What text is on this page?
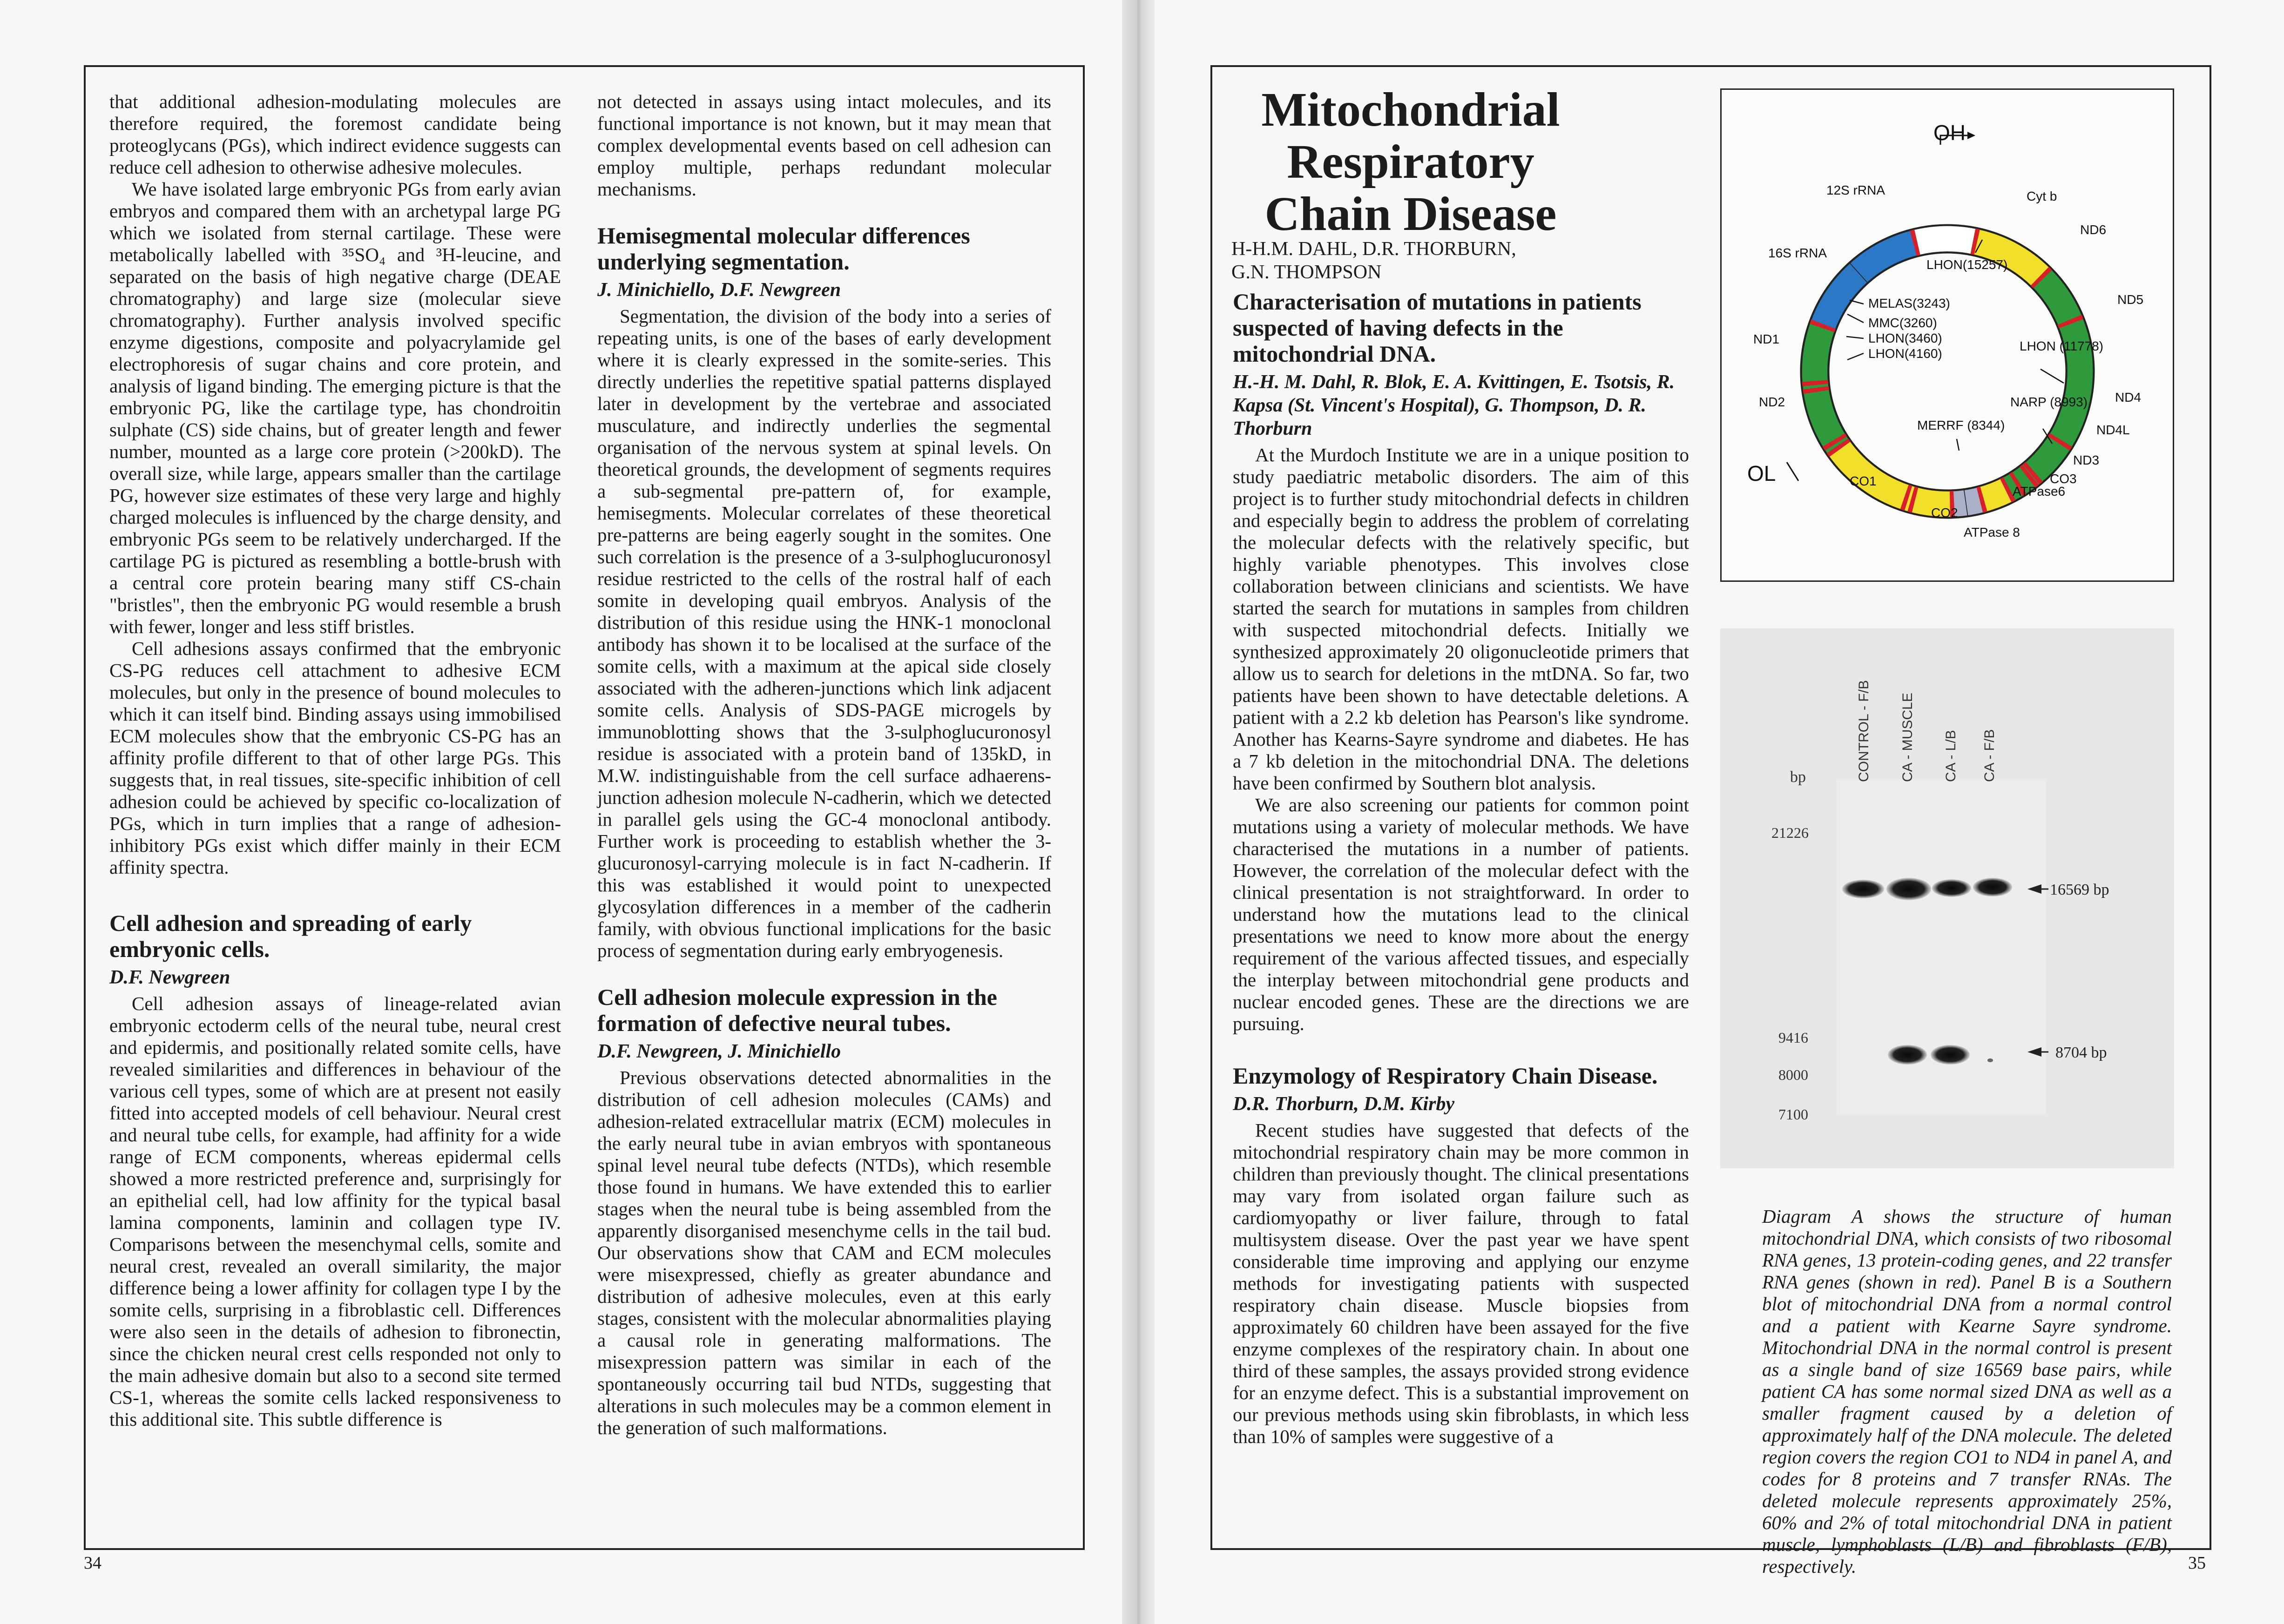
that additional adhesion-modulating molecules are therefore required, the foremost candidate being proteoglycans (PGs), which indirect evidence suggests can reduce cell adhesion to otherwise adhesive molecules.

We have isolated large embryonic PGs from early avian embryos and compared them with an archetypal large PG which we isolated from sternal cartilage. These were metabolically labelled with ³⁵SO₄ and ³H-leucine, and separated on the basis of high negative charge (DEAE chromatography) and large size (molecular sieve chromatography). Further analysis involved specific enzyme digestions, composite and polyacrylamide gel electrophoresis of sugar chains and core protein, and analysis of ligand binding. The emerging picture is that the embryonic PG, like the cartilage type, has chondroitin sulphate (CS) side chains, but of greater length and fewer number, mounted as a large core protein (>200kD). The overall size, while large, appears smaller than the cartilage PG, however size estimates of these very large and highly charged molecules is influenced by the charge density, and embryonic PGs seem to be relatively undercharged. If the cartilage PG is pictured as resembling a bottle-brush with a central core protein bearing many stiff CS-chain "bristles", then the embryonic PG would resemble a brush with fewer, longer and less stiff bristles.

Cell adhesions assays confirmed that the embryonic CS-PG reduces cell attachment to adhesive ECM molecules, but only in the presence of bound molecules to which it can itself bind. Binding assays using immobilised ECM molecules show that the embryonic CS-PG has an affinity profile different to that of other large PGs. This suggests that, in real tissues, site-specific inhibition of cell adhesion could be achieved by specific co-localization of PGs, which in turn implies that a range of adhesion-inhibitory PGs exist which differ mainly in their ECM affinity spectra.

Cell adhesion and spreading of early embryonic cells.
D.F. Newgreen

Cell adhesion assays of lineage-related avian embryonic ectoderm cells of the neural tube, neural crest and epidermis, and positionally related somite cells, have revealed similarities and differences in behaviour of the various cell types, some of which are at present not easily fitted into accepted models of cell behaviour. Neural crest and neural tube cells, for example, had affinity for a wide range of ECM components, whereas epidermal cells showed a more restricted preference and, surprisingly for an epithelial cell, had low affinity for the typical basal lamina components, laminin and collagen type IV. Comparisons between the mesenchymal cells, somite and neural crest, revealed an overall similarity, the major difference being a lower affinity for collagen type I by the somite cells, surprising in a fibroblastic cell. Differences were also seen in the details of adhesion to fibronectin, since the chicken neural crest cells responded not only to the main adhesive domain but also to a second site termed CS-1, whereas the somite cells lacked responsiveness to this additional site. This subtle difference is

not detected in assays using intact molecules, and its functional importance is not known, but it may mean that complex developmental events based on cell adhesion can employ multiple, perhaps redundant molecular mechanisms.

Hemisegmental molecular differences underlying segmentation.
J. Minichiello, D.F. Newgreen

Segmentation, the division of the body into a series of repeating units, is one of the bases of early development where it is clearly expressed in the somite-series. This directly underlies the repetitive spatial patterns displayed later in development by the vertebrae and associated musculature, and indirectly underlies the segmental organisation of the nervous system at spinal levels. On theoretical grounds, the development of segments requires a sub-segmental pre-pattern of, for example, hemisegments. Molecular correlates of these theoretical pre-patterns are being eagerly sought in the somites. One such correlation is the presence of a 3-sulphoglucuronosyl residue restricted to the cells of the rostral half of each somite in developing quail embryos. Analysis of the distribution of this residue using the HNK-1 monoclonal antibody has shown it to be localised at the surface of the somite cells, with a maximum at the apical side closely associated with the adheren-junctions which link adjacent somite cells. Analysis of SDS-PAGE microgels by immunoblotting shows that the 3-sulphoglucuronosyl residue is associated with a protein band of 135kD, in M.W. indistinguishable from the cell surface adhaerens-junction adhesion molecule N-cadherin, which we detected in parallel gels using the GC-4 monoclonal antibody. Further work is proceeding to establish whether the 3-glucuronosyl-carrying molecule is in fact N-cadherin. If this was established it would point to unexpected glycosylation differences in a member of the cadherin family, with obvious functional implications for the basic process of segmentation during early embryogenesis.

Cell adhesion molecule expression in the formation of defective neural tubes.
D.F. Newgreen, J. Minichiello

Previous observations detected abnormalities in the distribution of cell adhesion molecules (CAMs) and adhesion-related extracellular matrix (ECM) molecules in the early neural tube in avian embryos with spontaneous spinal level neural tube defects (NTDs), which resemble those found in humans. We have extended this to earlier stages when the neural tube is being assembled from the apparently disorganised mesenchyme cells in the tail bud. Our observations show that CAM and ECM molecules were misexpressed, chiefly as greater abundance and distribution of adhesive molecules, even at this early stages, consistent with the molecular abnormalities playing a causal role in generating malformations. The misexpression pattern was similar in each of the spontaneously occurring tail bud NTDs, suggesting that alterations in such molecules may be a common element in the generation of such malformations.

34
Mitochondrial Respiratory Chain Disease
H-H.M. DAHL, D.R. THORBURN,
G.N. THOMPSON
Characterisation of mutations in patients suspected of having defects in the mitochondrial DNA.
H.-H. M. Dahl, R. Blok, E. A. Kvittingen, E. Tsotsis, R. Kapsa (St. Vincent's Hospital), G. Thompson, D. R. Thorburn

At the Murdoch Institute we are in a unique position to study paediatric metabolic disorders. The aim of this project is to further study mitochondrial defects in children and especially begin to address the problem of correlating the molecular defects with the relatively specific, but highly variable phenotypes. This involves close collaboration between clinicians and scientists. We have started the search for mutations in samples from children with suspected mitochondrial defects. Initially we synthesized approximately 20 oligonucleotide primers that allow us to search for deletions in the mtDNA. So far, two patients have been shown to have detectable deletions. A patient with a 2.2 kb deletion has Pearson's like syndrome. Another has Kearns-Sayre syndrome and diabetes. He has a 7 kb deletion in the mitochondrial DNA. The deletions have been confirmed by Southern blot analysis.

We are also screening our patients for common point mutations using a variety of molecular methods. We have characterised the mutations in a number of patients. However, the correlation of the molecular defect with the clinical presentation is not straightforward. In order to understand how the mutations lead to the clinical presentations we need to know more about the energy requirement of the various affected tissues, and especially the interplay between mitochondrial gene products and nuclear encoded genes. These are the directions we are pursuing.

Enzymology of Respiratory Chain Disease.
D.R. Thorburn, D.M. Kirby

Recent studies have suggested that defects of the mitochondrial respiratory chain may be more common in children than previously thought. The clinical presentations may vary from isolated organ failure such as cardiomyopathy or liver failure, through to fatal multisystem disease. Over the past year we have spent considerable time improving and applying our enzyme methods for investigating patients with suspected respiratory chain disease. Muscle biopsies from approximately 60 children have been assayed for the five enzyme complexes of the respiratory chain. In about one third of these samples, the assays provided strong evidence for an enzyme defect. This is a substantial improvement on our previous methods using skin fibroblasts, in which less than 10% of samples were suggestive of a

OH
OL
12S rRNA
16S rRNA
ND1
ND2
CO1
CO2
ATPase 8
ATPase6
CO3
ND3
ND4L
ND4
ND5
ND6
Cyt b
LHON(15257)
MELAS(3243)
MMC(3260)
LHON(3460)
LHON(4160)
LHON (11778)
NARP (8993)
MERRF (8344)
bp	CONTROL - F/B CA - MUSCLE CA - L/B CA - F/B
21226
9416
8000
7100
16569 bp
8704 bp

Diagram A shows the structure of human mitochondrial DNA, which consists of two ribosomal RNA genes, 13 protein-coding genes, and 22 transfer RNA genes (shown in red). Panel B is a Southern blot of mitochondrial DNA from a normal control and a patient with Kearne Sayre syndrome. Mitochondrial DNA in the normal control is present as a single band of size 16569 base pairs, while patient CA has some normal sized DNA as well as a smaller fragment caused by a deletion of approximately half of the DNA molecule. The deleted region covers the region CO1 to ND4 in panel A, and codes for 8 proteins and 7 transfer RNAs. The deleted molecule represents approximately 25%, 60% and 2% of total mitochondrial DNA in patient muscle, lymphoblasts (L/B) and fibroblasts (F/B), respectively.	35
